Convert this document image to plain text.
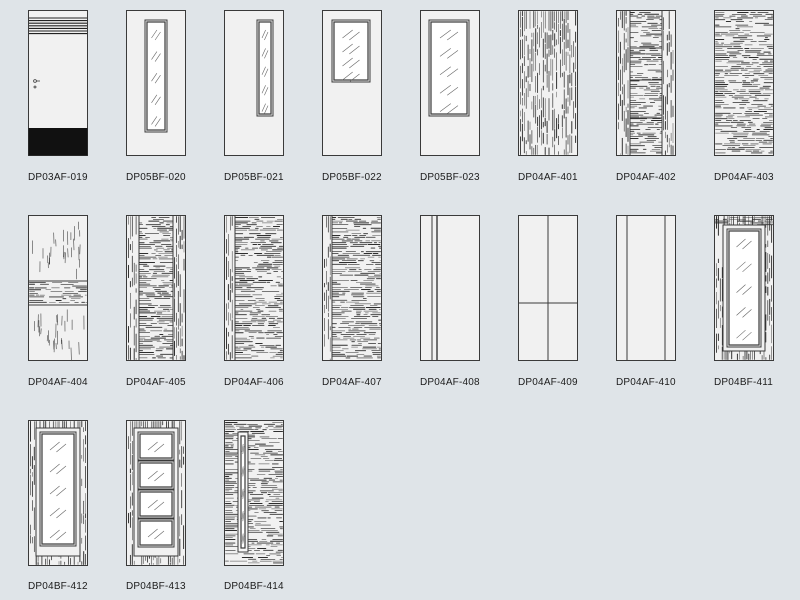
DP03AF-019	DP05BF-020	DP05BF-021	DP05BF-022	DP05BF-023	DP04AF-401	DP04AF-402	DP04AF-403
DP04AF-404	DP04AF-405	DP04AF-406	DP04AF-407	DP04AF-408	DP04AF-409	DP04AF-410	DP04BF-411
DP04BF-412	DP04BF-413	DP04BF-414
